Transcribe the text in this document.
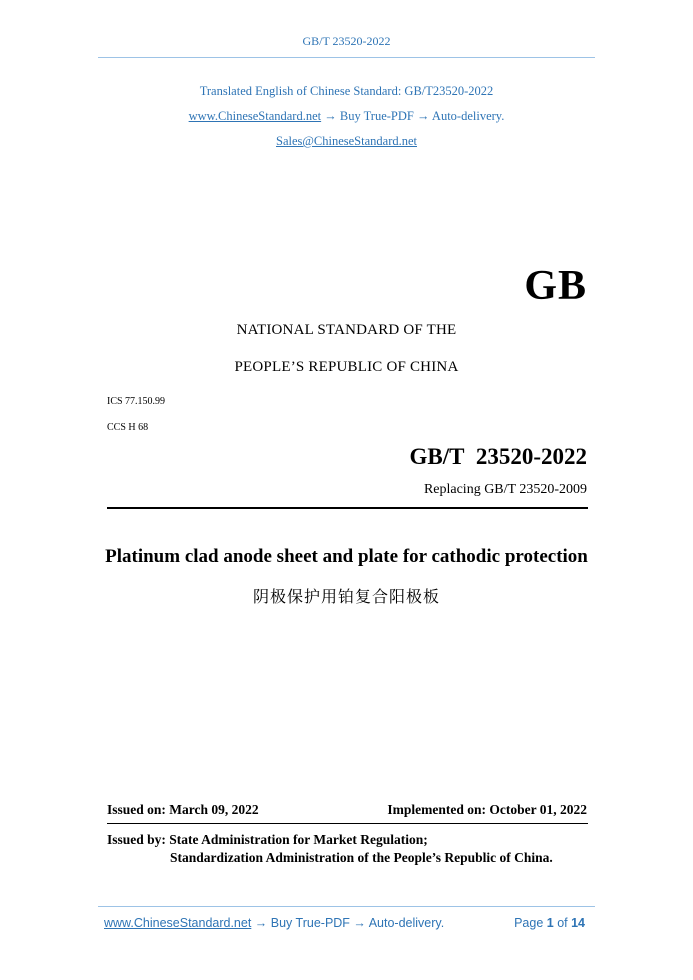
GB/T 23520-2022
Translated English of Chinese Standard: GB/T23520-2022
www.ChineseStandard.net → Buy True-PDF → Auto-delivery.
Sales@ChineseStandard.net
GB
NATIONAL STANDARD OF THE
PEOPLE’S REPUBLIC OF CHINA
ICS 77.150.99
CCS H 68
GB/T 23520-2022
Replacing GB/T 23520-2009
Platinum clad anode sheet and plate for cathodic protection
阴极保护用铂复合阳极板
Issued on: March 09, 2022	Implemented on: October 01, 2022
Issued by: State Administration for Market Regulation;
Standardization Administration of the People’s Republic of China.
www.ChineseStandard.net → Buy True-PDF → Auto-delivery.	Page 1 of 14
